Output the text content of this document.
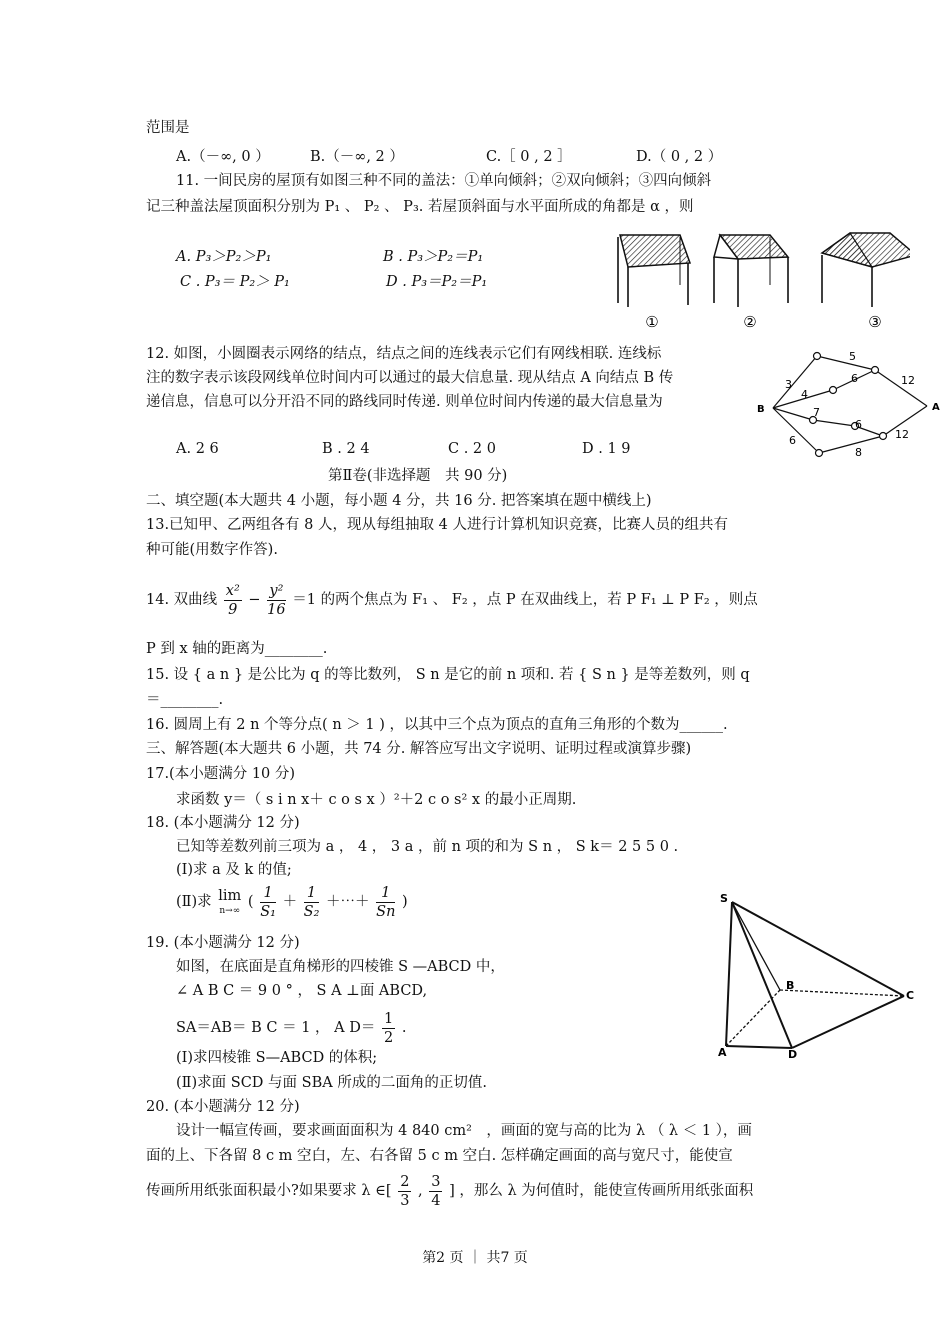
范围是
A.（－∞, 0 ）	B.（－∞, 2 ）	C.［ 0 , 2 ］	D.（ 0 , 2 ）
11. 一间民房的屋顶有如图三种不同的盖法：①单向倾斜；②双向倾斜；③四向倾斜
记三种盖法屋顶面积分别为 P₁ 、 P₂ 、 P₃. 若屋顶斜面与水平面所成的角都是 α ，则
A. P₃＞P₂＞P₁	B . P₃＞P₂＝P₁
C . P₃＝ P₂＞ P₁	D . P₃＝P₂＝P₁
①	②	③
12. 如图，小圆圈表示网络的结点，结点之间的连线表示它们有网线相联. 连线标
注的数字表示该段网线单位时间内可以通过的最大信息量. 现从结点 A 向结点 B 传
递信息，信息可以分开沿不同的路线同时传递. 则单位时间内传递的最大信息量为
A. 2 6	B . 2 4	C . 2 0	D . 1 9
B	A
5
6	12
3
4
7
6
12
6
8
第Ⅱ卷(非选择题　共 90 分)
二、填空题(本大题共 4 小题，每小题 4 分，共 16 分. 把答案填在题中横线上)
13.已知甲、乙两组各有 8 人，现从每组抽取 4 人进行计算机知识竞赛，比赛人员的组共有
种可能(用数字作答).
14. 双曲线 $\frac{\text{x²}}{9} - \frac{\text{y²}}{16} =1$ 的两个焦点为 F₁ 、 F₂ ，点 P 在双曲线上，若 P F₁ ⊥ P F₂ ，则点
P 到 x 轴的距离为________.
15. 设 { a n } 是公比为 q 的等比数列， S n 是它的前 n 项和. 若 { S n } 是等差数列，则 q
＝________.
16. 圆周上有 2 n 个等分点( n ＞ 1 ) ，以其中三个点为顶点的直角三角形的个数为______.
三、解答题(本大题共 6 小题，共 74 分. 解答应写出文字说明、证明过程或演算步骤)
17.(本小题满分 10 分)
求函数 y＝（ s i n x＋ c o s x ）²＋2 c o s² x 的最小正周期.
18. (本小题满分 12 分)
已知等差数列前三项为 a ， 4 ， 3 a ，前 n 项的和为 S n ， S k＝ 2 5 5 0 .
(Ⅰ)求 a 及 k 的值;
(Ⅱ)求 lim
n→∞
( $\frac{1}{\text{S₁}} + \frac{1}{\text{S₂}}$ ＋⋯＋ $\frac{1}{Sn}$ )
19. (本小题满分 12 分)
如图，在底面是直角梯形的四棱锥 S —ABCD 中，
∠ A B C ＝ 9 0 ° ， S A ⊥面 ABCD,
SA＝AB＝ B C ＝ 1 ， A $D= \frac{1}{2}$ .
(Ⅰ)求四棱锥 S—ABCD 的体积;
(Ⅱ)求面 SCD 与面 SBA 所成的二面角的正切值.
S
B
C
A	D
20. (本小题满分 12 分)
设计一幅宣传画，要求画面面积为 4 840 cm²　，画面的宽与高的比为 λ （ λ ＜ 1 ），画
面的上、下各留 8 c m 空白，左、右各留 5 c m 空白. 怎样确定画面的高与宽尺寸，能使宣
传画所用纸张面积最小?如果要求 λ ∈[ $\frac{2}{3}$ , $\frac{3}{4}$ ] ，那么 λ 为何值时，能使宣传画所用纸张面积
第2 页 ｜ 共7 页
